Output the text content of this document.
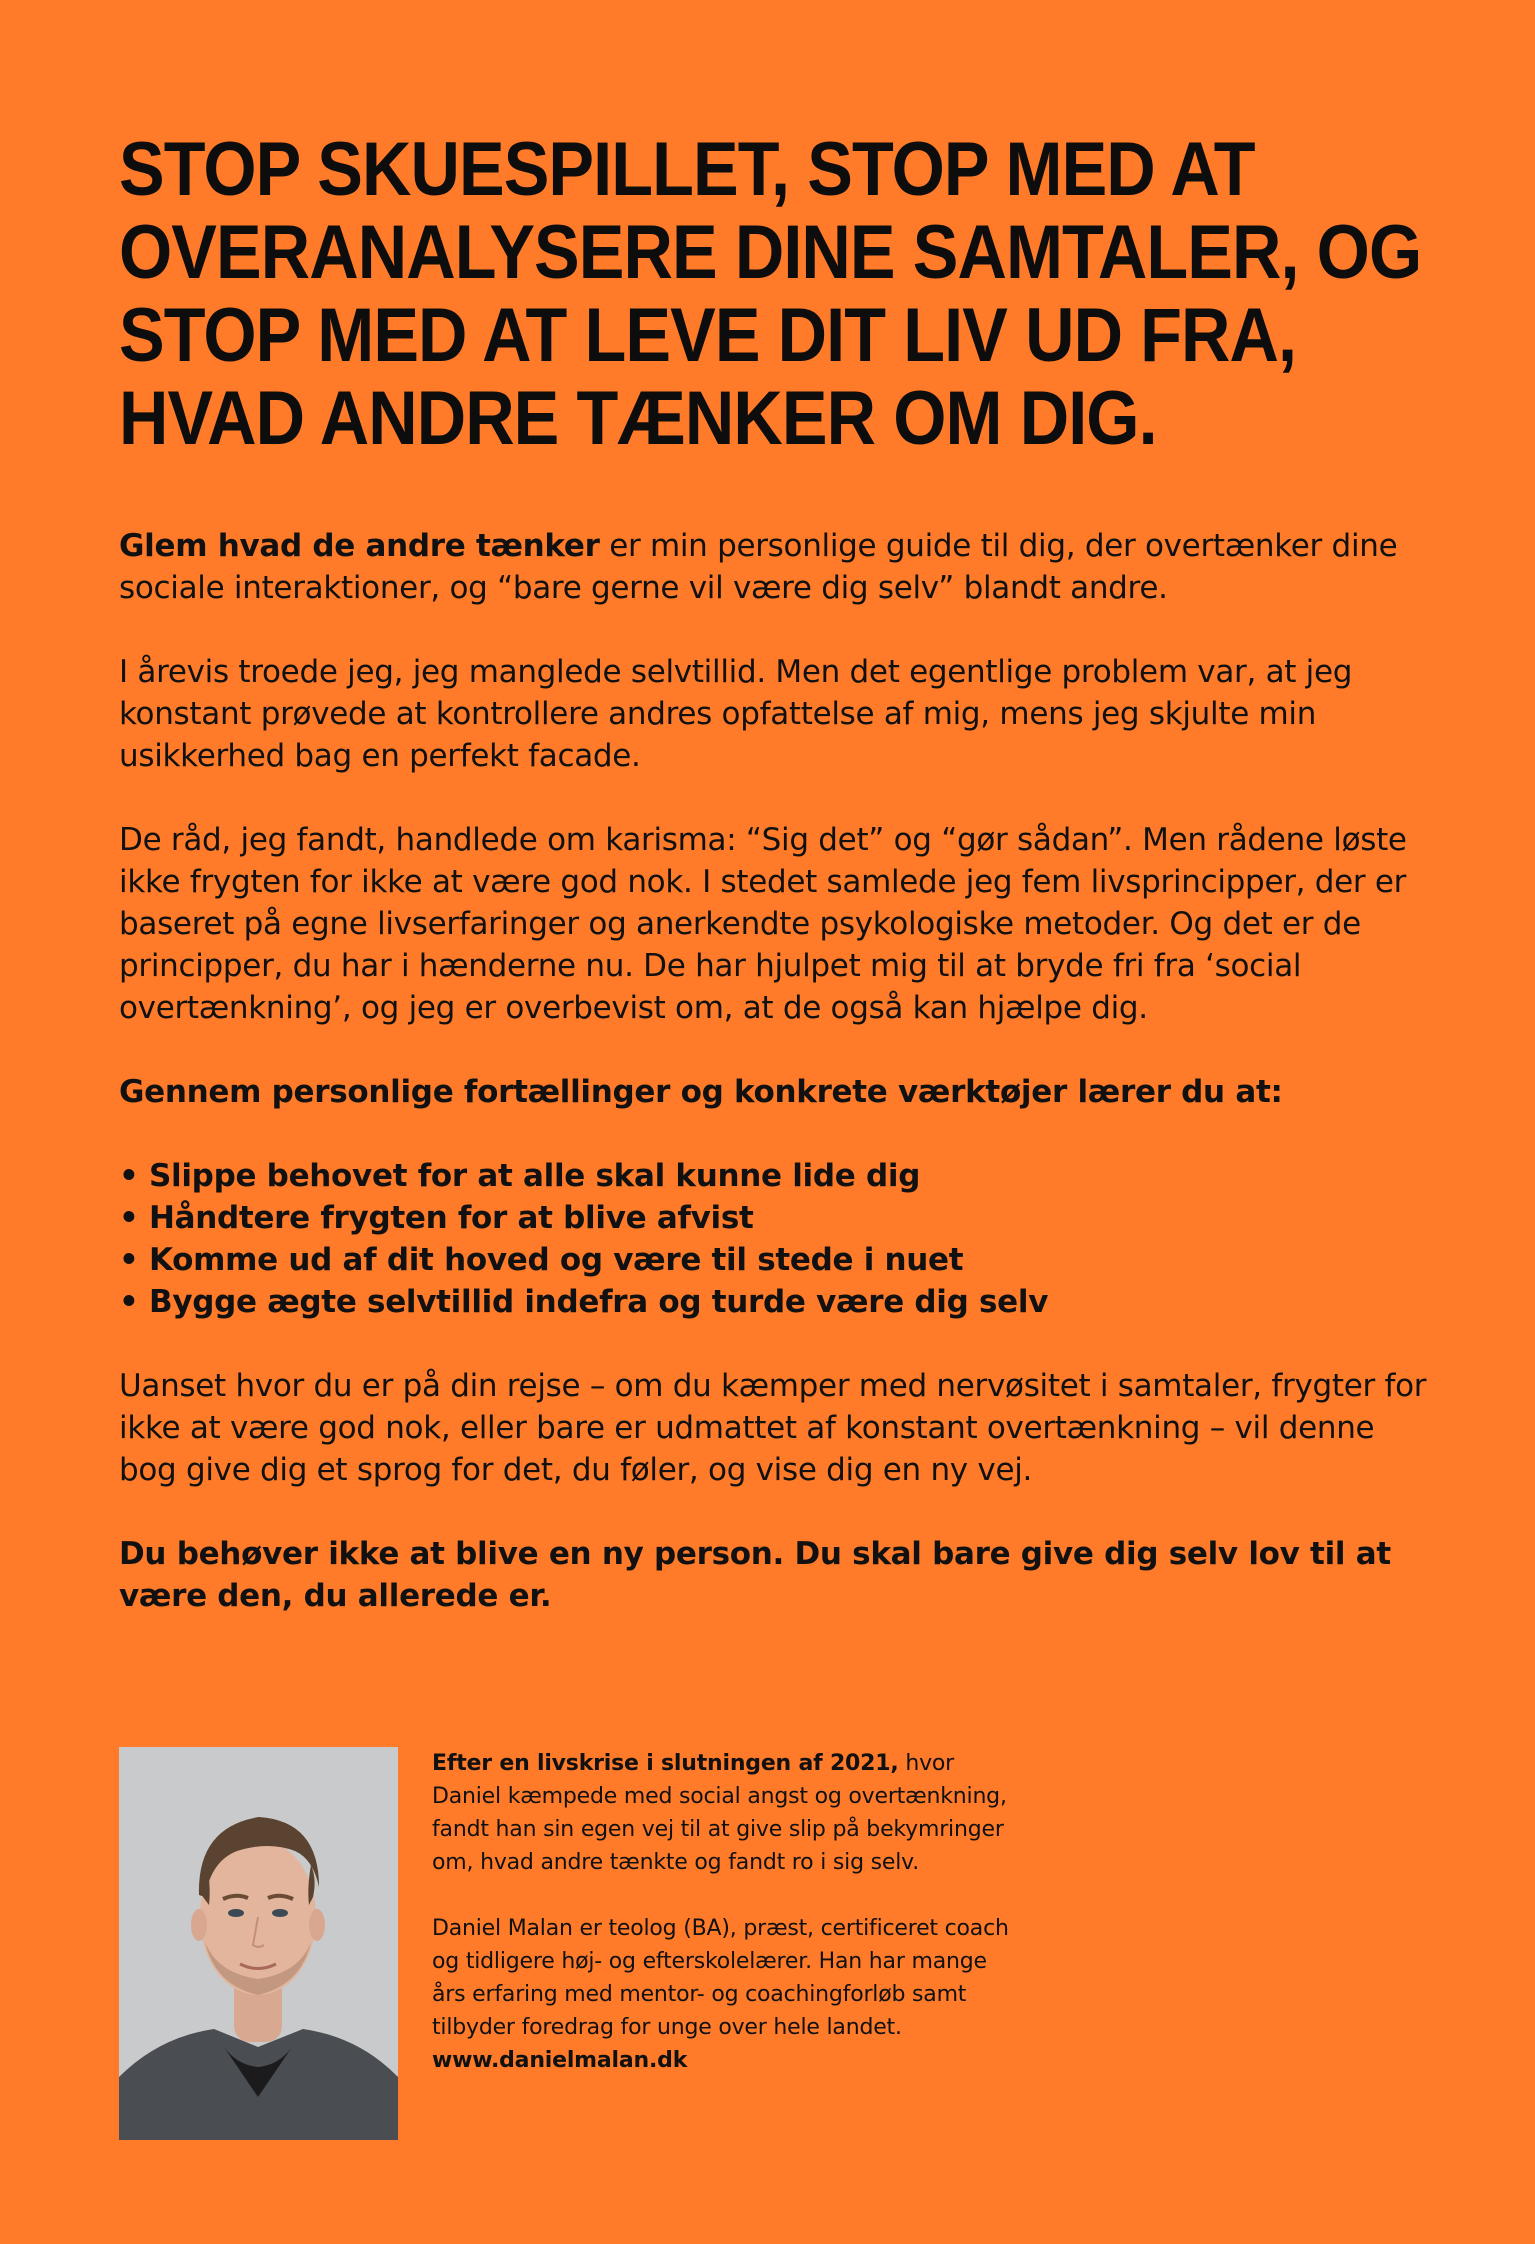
STOP SKUESPILLET, STOP MED AT
OVERANALYSERE DINE SAMTALER, OG
STOP MED AT LEVE DIT LIV UD FRA,
HVAD ANDRE TÆNKER OM DIG.

Glem hvad de andre tænker er min personlige guide til dig, der overtænker dine sociale interaktioner, og “bare gerne vil være dig selv” blandt andre.

I årevis troede jeg, jeg manglede selvtillid. Men det egentlige problem var, at jeg konstant prøvede at kontrollere andres opfattelse af mig, mens jeg skjulte min usikkerhed bag en perfekt facade.

De råd, jeg fandt, handlede om karisma: “Sig det” og “gør sådan”. Men rådene løste ikke frygten for ikke at være god nok. I stedet samlede jeg fem livsprincipper, der er baseret på egne livserfaringer og anerkendte psykologiske metoder. Og det er de principper, du har i hænderne nu. De har hjulpet mig til at bryde fri fra ‘social overtænkning’, og jeg er overbevist om, at de også kan hjælpe dig.

Gennem personlige fortællinger og konkrete værktøjer lærer du at:

• Slippe behovet for at alle skal kunne lide dig
• Håndtere frygten for at blive afvist
• Komme ud af dit hoved og være til stede i nuet
• Bygge ægte selvtillid indefra og turde være dig selv

Uanset hvor du er på din rejse – om du kæmper med nervøsitet i samtaler, frygter for ikke at være god nok, eller bare er udmattet af konstant overtænkning – vil denne bog give dig et sprog for det, du føler, og vise dig en ny vej.

Du behøver ikke at blive en ny person. Du skal bare give dig selv lov til at være den, du allerede er.

Efter en livskrise i slutningen af 2021, hvor Daniel kæmpede med social angst og overtænkning, fandt han sin egen vej til at give slip på bekymringer om, hvad andre tænkte og fandt ro i sig selv.

Daniel Malan er teolog (BA), præst, certificeret coach og tidligere høj- og efterskolelærer. Han har mange års erfaring med mentor- og coachingforløb samt tilbyder foredrag for unge over hele landet.

www.danielmalan.dk
